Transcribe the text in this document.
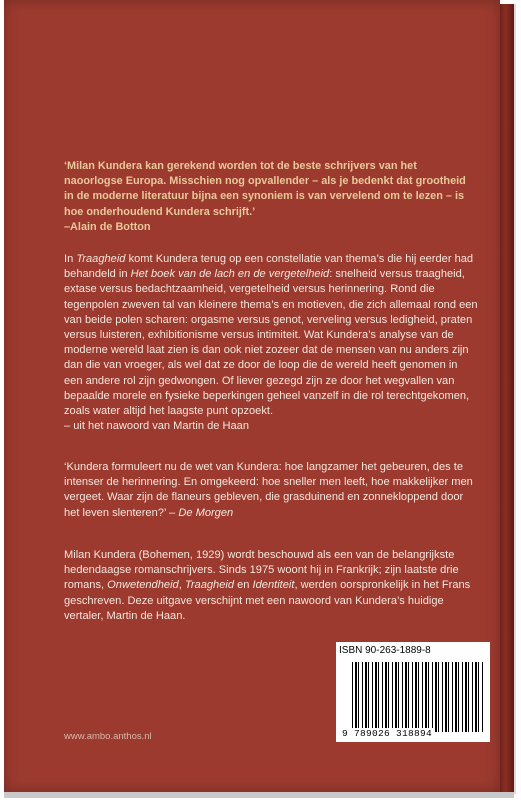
‘Milan Kundera kan gerekend worden tot de beste schrijvers van het naoorlogse Europa. Misschien nog opvallender – als je bedenkt dat grootheid in de moderne literatuur bijna een synoniem is van vervelend om te lezen – is hoe onderhoudend Kundera schrijft.’
–Alain de Botton

In Traagheid komt Kundera terug op een constellatie van thema’s die hij eerder had behandeld in Het boek van de lach en de vergetelheid: snelheid versus traagheid, extase versus bedachtzaamheid, vergetelheid versus herinnering. Rond die tegenpolen zweven tal van kleinere thema’s en motieven, die zich allemaal rond een van beide polen scharen: orgasme versus genot, verveling versus ledigheid, praten versus luisteren, exhibitionisme versus intimiteit. Wat Kundera’s analyse van de moderne wereld laat zien is dan ook niet zozeer dat de mensen van nu anders zijn dan die van vroeger, als wel dat ze door de loop die de wereld heeft genomen in een andere rol zijn gedwongen. Of liever gezegd zijn ze door het wegvallen van bepaalde morele en fysieke beperkingen geheel vanzelf in die rol terechtgekomen, zoals water altijd het laagste punt opzoekt.
– uit het nawoord van Martin de Haan

‘Kundera formuleert nu de wet van Kundera: hoe langzamer het gebeuren, des te intenser de herinnering. En omgekeerd: hoe sneller men leeft, hoe makkelijker men vergeet. Waar zijn de flaneurs gebleven, die grasduinend en zonnekloppend door het leven slenteren?’ – De Morgen

Milan Kundera (Bohemen, 1929) wordt beschouwd als een van de belangrijkste hedendaagse romanschrijvers. Sinds 1975 woont hij in Frankrijk; zijn laatste drie romans, Onwetendheid, Traagheid en Identiteit, werden oorspronkelijk in het Frans geschreven. Deze uitgave verschijnt met een nawoord van Kundera’s huidige vertaler, Martin de Haan.

ISBN 90-263-1889-8
9 789026 318894
www.ambo.anthos.nl
